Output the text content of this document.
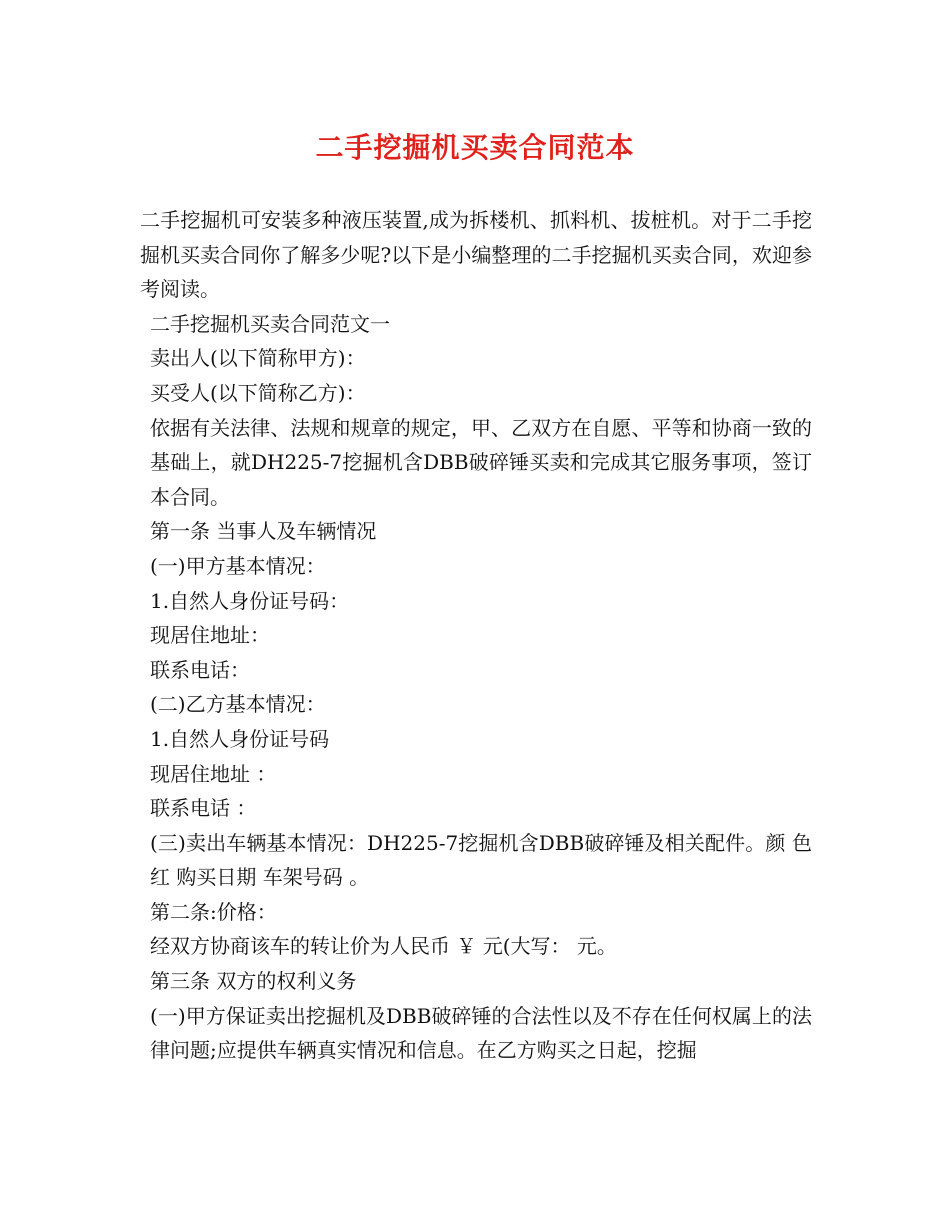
二手挖掘机买卖合同范本

二手挖掘机可安装多种液压装置,成为拆楼机、抓料机、拔桩机。对于二手挖掘机买卖合同你了解多少呢?以下是小编整理的二手挖掘机买卖合同，欢迎参考阅读。

二手挖掘机买卖合同范文一

卖出人(以下简称甲方)：

买受人(以下简称乙方)：

依据有关法律、法规和规章的规定，甲、乙双方在自愿、平等和协商一致的基础上，就DH225-7挖掘机含DBB破碎锤买卖和完成其它服务事项，签订本合同。

第一条 当事人及车辆情况

(一)甲方基本情况：

1.自然人身份证号码：

现居住地址：

联系电话：

(二)乙方基本情况：

1.自然人身份证号码

现居住地址 ：

联系电话 ：

(三)卖出车辆基本情况：DH225-7挖掘机含DBB破碎锤及相关配件。颜 色 红 购买日期 车架号码 。

第二条:价格：

经双方协商该车的转让价为人民币 ￥ 元(大写： 元。

第三条 双方的权利义务

(一)甲方保证卖出挖掘机及DBB破碎锤的合法性以及不存在任何权属上的法律问题;应提供车辆真实情况和信息。在乙方购买之日起，挖掘
